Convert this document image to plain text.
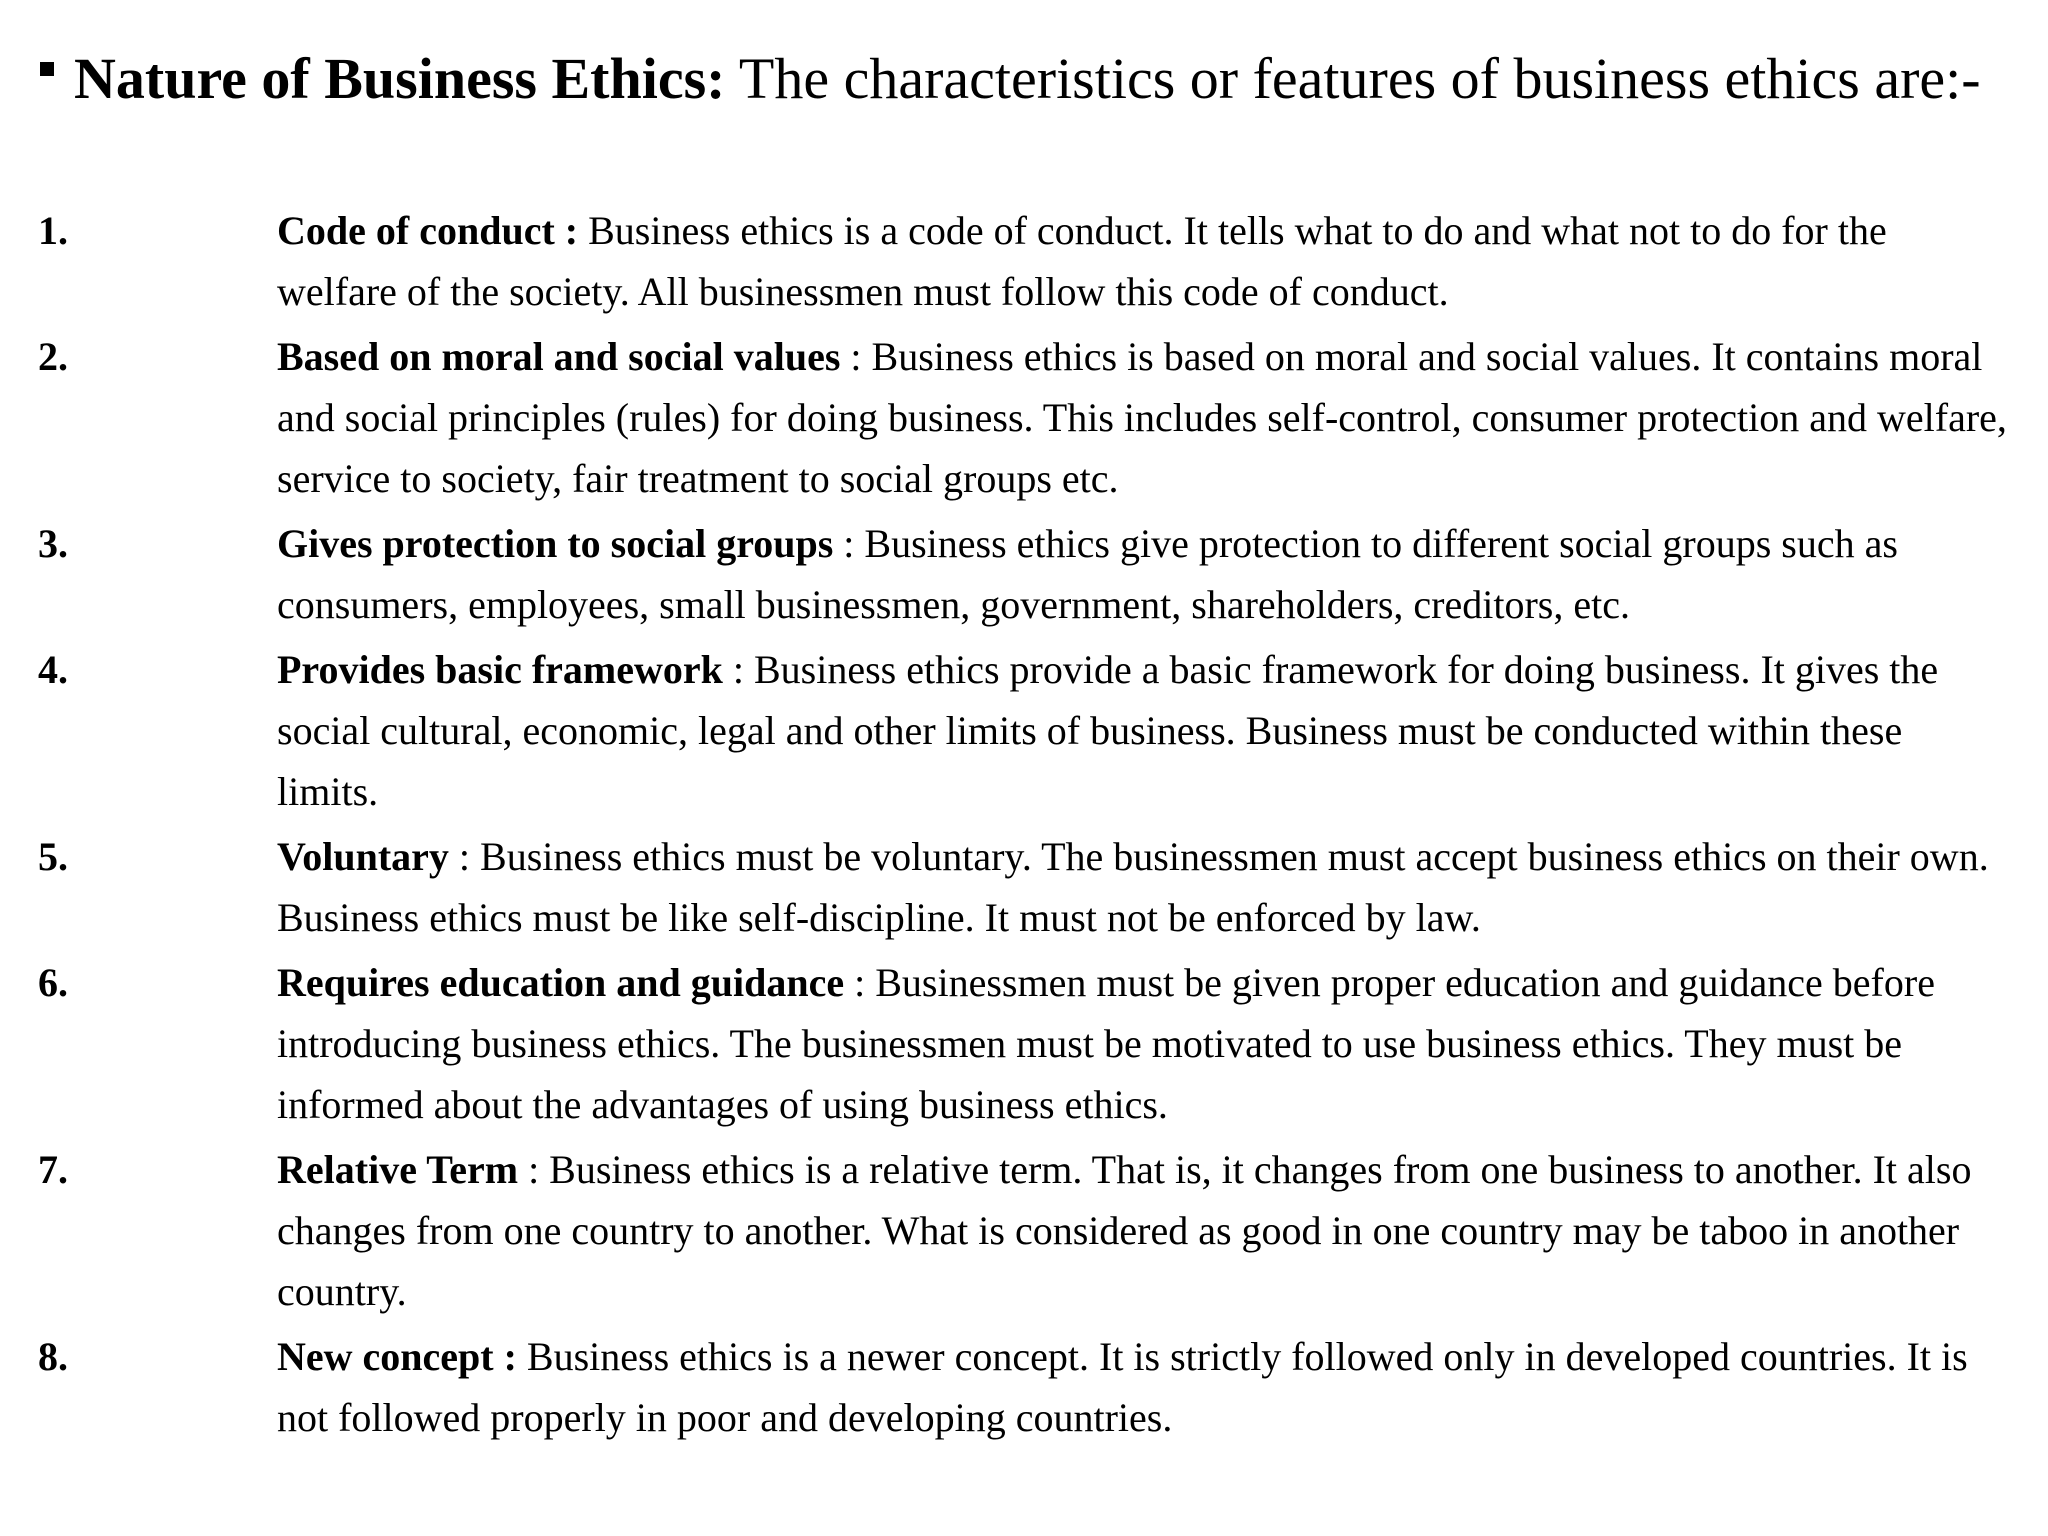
Nature of Business Ethics: The characteristics or features of business ethics are:-
1.	Code of conduct : Business ethics is a code of conduct. It tells what to do and what not to do for the welfare of the society. All businessmen must follow this code of conduct.
2.	Based on moral and social values : Business ethics is based on moral and social values. It contains moral and social principles (rules) for doing business. This includes self-control, consumer protection and welfare, service to society, fair treatment to social groups etc.
3.	Gives protection to social groups : Business ethics give protection to different social groups such as consumers, employees, small businessmen, government, shareholders, creditors, etc.
4.	Provides basic framework : Business ethics provide a basic framework for doing business. It gives the social cultural, economic, legal and other limits of business. Business must be conducted within these limits.
5.	Voluntary : Business ethics must be voluntary. The businessmen must accept business ethics on their own. Business ethics must be like self-discipline. It must not be enforced by law.
6.	Requires education and guidance : Businessmen must be given proper education and guidance before introducing business ethics. The businessmen must be motivated to use business ethics. They must be informed about the advantages of using business ethics.
7.	Relative Term : Business ethics is a relative term. That is, it changes from one business to another. It also changes from one country to another. What is considered as good in one country may be taboo in another country.
8.	New concept : Business ethics is a newer concept. It is strictly followed only in developed countries. It is not followed properly in poor and developing countries.
